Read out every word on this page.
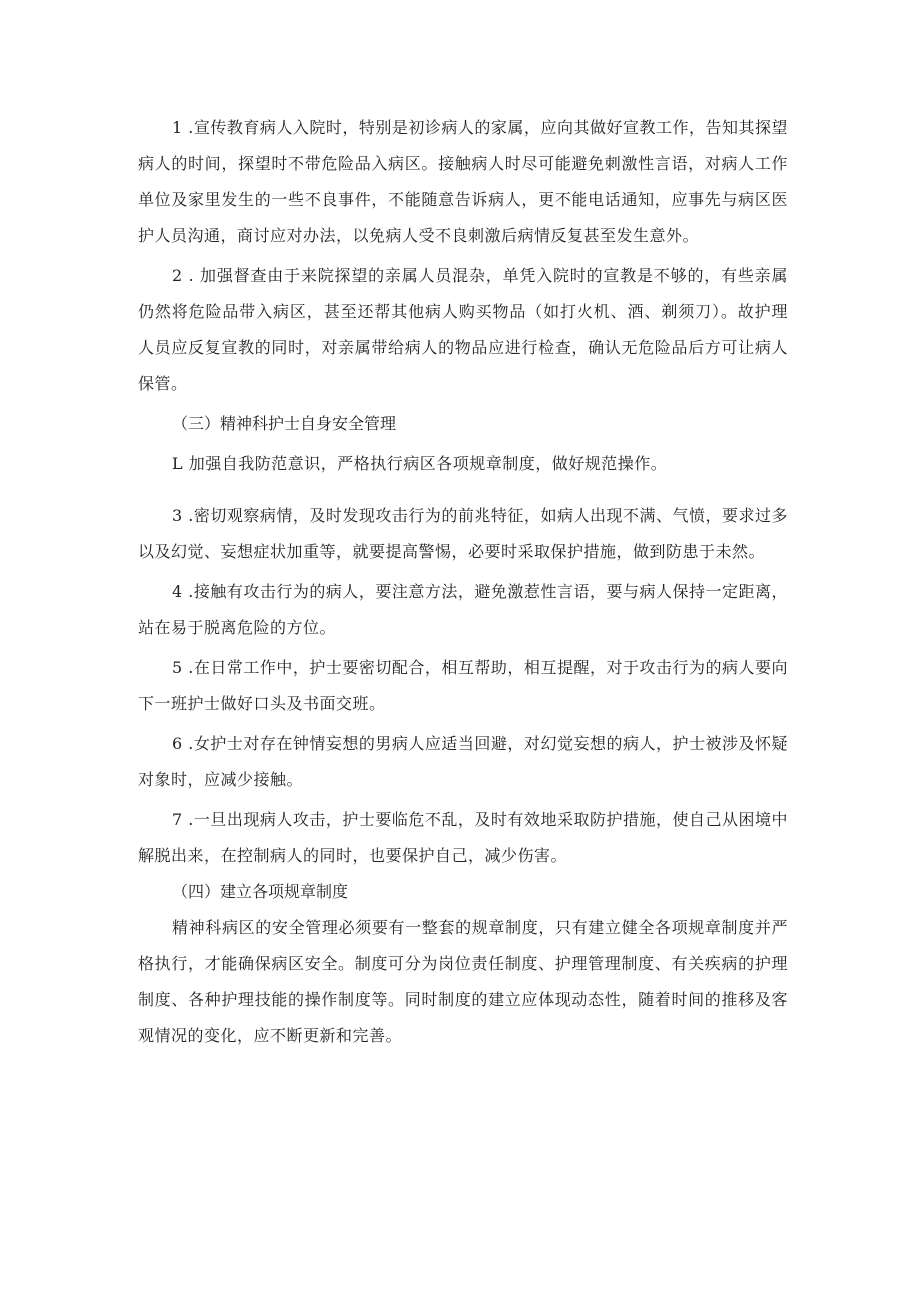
1 .宣传教育病人入院时，特别是初诊病人的家属，应向其做好宣教工作，告知其探望病人的时间，探望时不带危险品入病区。接触病人时尽可能避免刺激性言语，对病人工作单位及家里发生的一些不良事件，不能随意告诉病人，更不能电话通知，应事先与病区医护人员沟通，商讨应对办法，以免病人受不良刺激后病情反复甚至发生意外。

2 . 加强督查由于来院探望的亲属人员混杂，单凭入院时的宣教是不够的，有些亲属仍然将危险品带入病区，甚至还帮其他病人购买物品（如打火机、酒、剃须刀）。故护理人员应反复宣教的同时，对亲属带给病人的物品应进行检查，确认无危险品后方可让病人保管。

（三）精神科护士自身安全管理

L 加强自我防范意识，严格执行病区各项规章制度，做好规范操作。

3 .密切观察病情，及时发现攻击行为的前兆特征，如病人出现不满、气愤，要求过多以及幻觉、妄想症状加重等，就要提高警惕，必要时采取保护措施，做到防患于未然。

4 .接触有攻击行为的病人，要注意方法，避免激惹性言语，要与病人保持一定距离，站在易于脱离危险的方位。

5 .在日常工作中，护士要密切配合，相互帮助，相互提醒，对于攻击行为的病人要向下一班护士做好口头及书面交班。

6 .女护士对存在钟情妄想的男病人应适当回避，对幻觉妄想的病人，护士被涉及怀疑对象时，应减少接触。

7 .一旦出现病人攻击，护士要临危不乱，及时有效地采取防护措施，使自己从困境中解脱出来，在控制病人的同时，也要保护自己，减少伤害。

（四）建立各项规章制度

精神科病区的安全管理必须要有一整套的规章制度，只有建立健全各项规章制度并严格执行，才能确保病区安全。制度可分为岗位责任制度、护理管理制度、有关疾病的护理制度、各种护理技能的操作制度等。同时制度的建立应体现动态性，随着时间的推移及客观情况的变化，应不断更新和完善。
